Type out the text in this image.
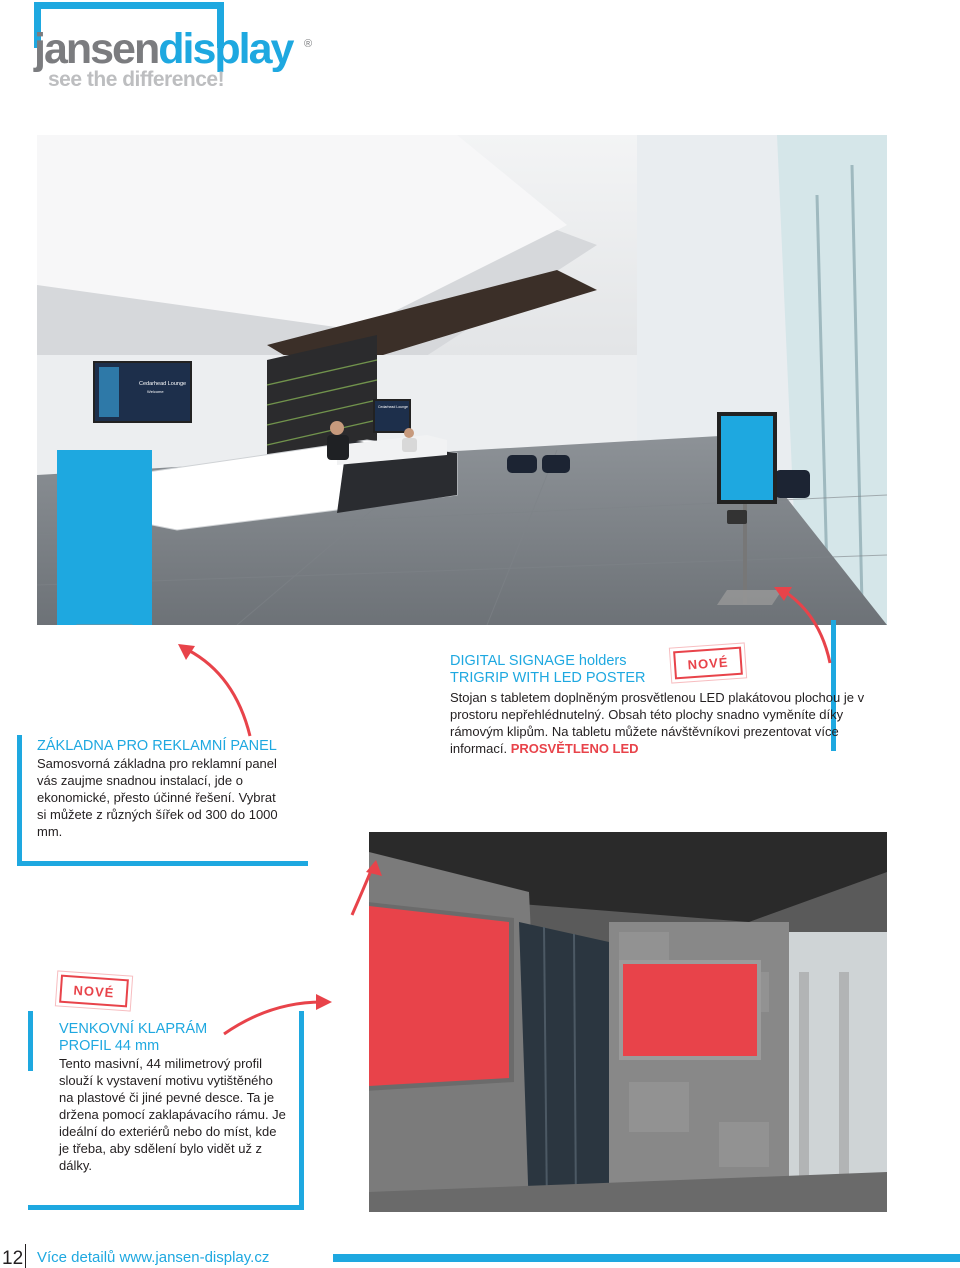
jansendisplay ®
see the difference!
Cedarhead Lounge
Welcome
Cedarhead Lounge
ZÁKLADNA PRO REKLAMNÍ PANEL
Samosvorná základna pro reklamní panel vás zaujme snadnou instalací, jde o ekonomické, přesto účinné řešení. Vybrat si můžete z různých šířek od 300 do 1000 mm.
NOVÉ
DIGITAL SIGNAGE holders
TRIGRIP WITH LED POSTER
Stojan s tabletem doplněným prosvětlenou LED plakátovou plochou je v prostoru nepřehlédnutelný. Obsah této plochy snadno vyměníte díky rámovým klipům. Na tabletu můžete návštěvníkovi prezentovat více informací. PROSVĚTLENO LED
NOVÉ
VENKOVNÍ KLAPRÁM
PROFIL 44 mm
Tento masivní, 44 milimetrový profil slouží k vystavení motivu vytištěného na plastové či jiné pevné desce. Ta je držena pomocí zaklapávacího rámu. Je ideální do exteriérů nebo do míst, kde je třeba, aby sdělení bylo vidět už z dálky.
12 Více detailů www.jansen-display.cz
